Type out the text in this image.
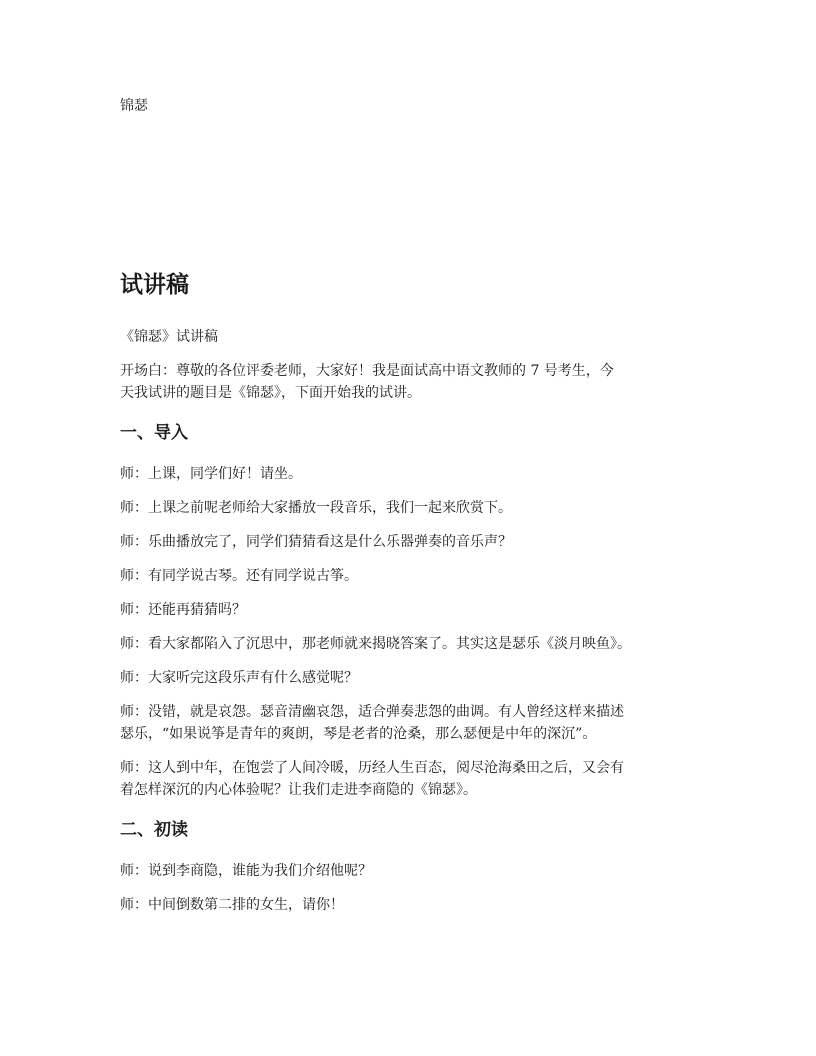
锦瑟
试讲稿

《锦瑟》试讲稿

开场白：尊敬的各位评委老师，大家好！我是面试高中语文教师的 7 号考生，今
天我试讲的题目是《锦瑟》，下面开始我的试讲。

一、导入

师：上课，同学们好！请坐。

师：上课之前呢老师给大家播放一段音乐，我们一起来欣赏下。

师：乐曲播放完了，同学们猜猜看这是什么乐器弹奏的音乐声？

师：有同学说古琴。还有同学说古筝。

师：还能再猜猜吗？

师：看大家都陷入了沉思中，那老师就来揭晓答案了。其实这是瑟乐《淡月映鱼》。

师：大家听完这段乐声有什么感觉呢？

师：没错，就是哀怨。瑟音清幽哀怨，适合弹奏悲怨的曲调。有人曾经这样来描述
瑟乐，“如果说筝是青年的爽朗，琴是老者的沧桑，那么瑟便是中年的深沉”。

师：这人到中年，在饱尝了人间冷暖，历经人生百态，阅尽沧海桑田之后，又会有
着怎样深沉的内心体验呢？让我们走进李商隐的《锦瑟》。

二、初读

师：说到李商隐，谁能为我们介绍他呢？

师：中间倒数第二排的女生，请你！
